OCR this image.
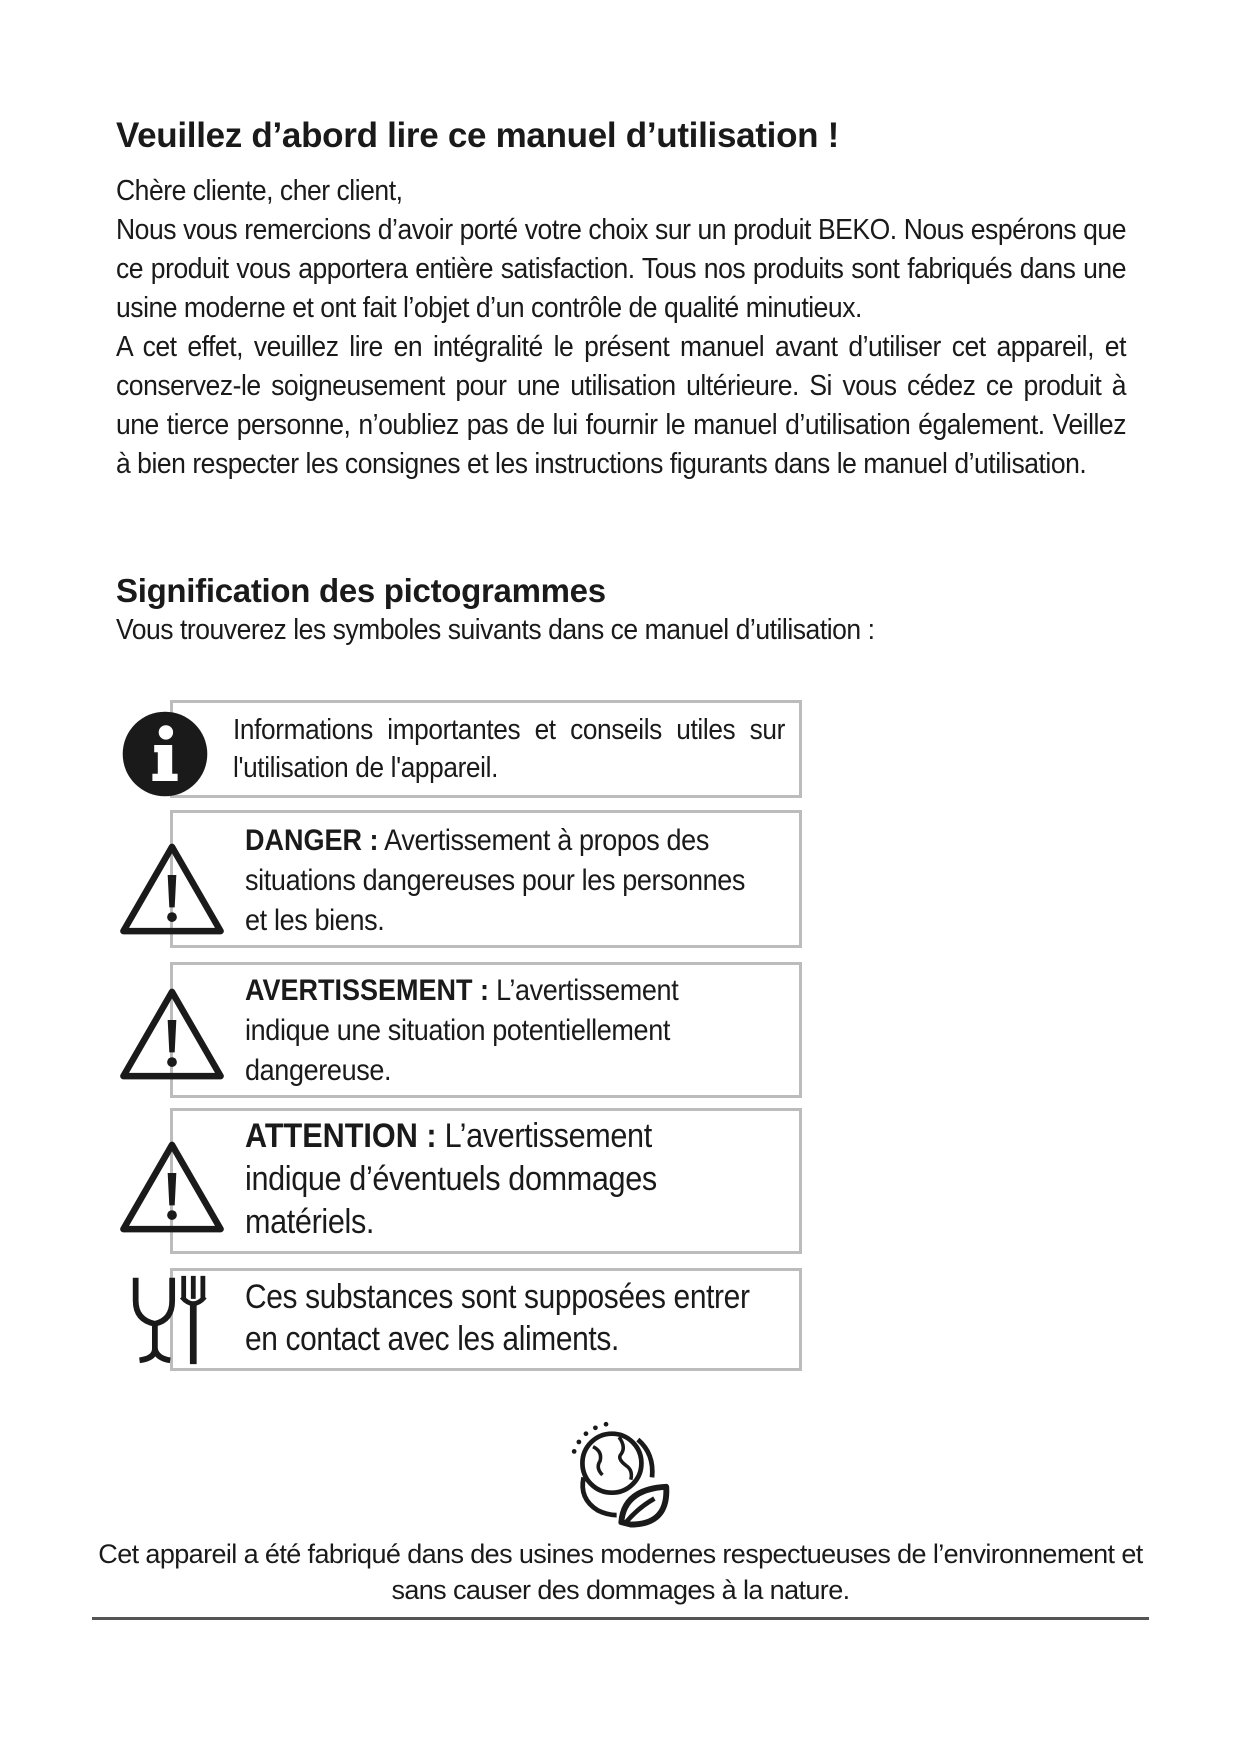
Veuillez d’abord lire ce manuel d’utilisation !

Chère cliente, cher client,

Nous vous remercions d’avoir porté votre choix sur un produit BEKO. Nous espérons que ce produit vous apportera entière satisfaction. Tous nos produits sont fabriqués dans une usine moderne et ont fait l’objet d’un contrôle de qualité minutieux.

A cet effet, veuillez lire en intégralité le présent manuel avant d’utiliser cet appareil, et conservez-le soigneusement pour une utilisation ultérieure. Si vous cédez ce produit à une tierce personne, n’oubliez pas de lui fournir le manuel d’utilisation également. Veillez à bien respecter les consignes et les instructions figurants dans le manuel d’utilisation.

Signification des pictogrammes

Vous trouverez les symboles suivants dans ce manuel d’utilisation :

Informations importantes et conseils utiles sur l'utilisation de l'appareil.
DANGER : Avertissement à propos des situations dangereuses pour les personnes et les biens.
AVERTISSEMENT : L’avertissement indique une situation potentiellement dangereuse.
ATTENTION : L’avertissement indique d’éventuels dommages matériels.
Ces substances sont supposées entrer en contact avec les aliments.

Cet appareil a été fabriqué dans des usines modernes respectueuses de l’environnement et sans causer des dommages à la nature.
